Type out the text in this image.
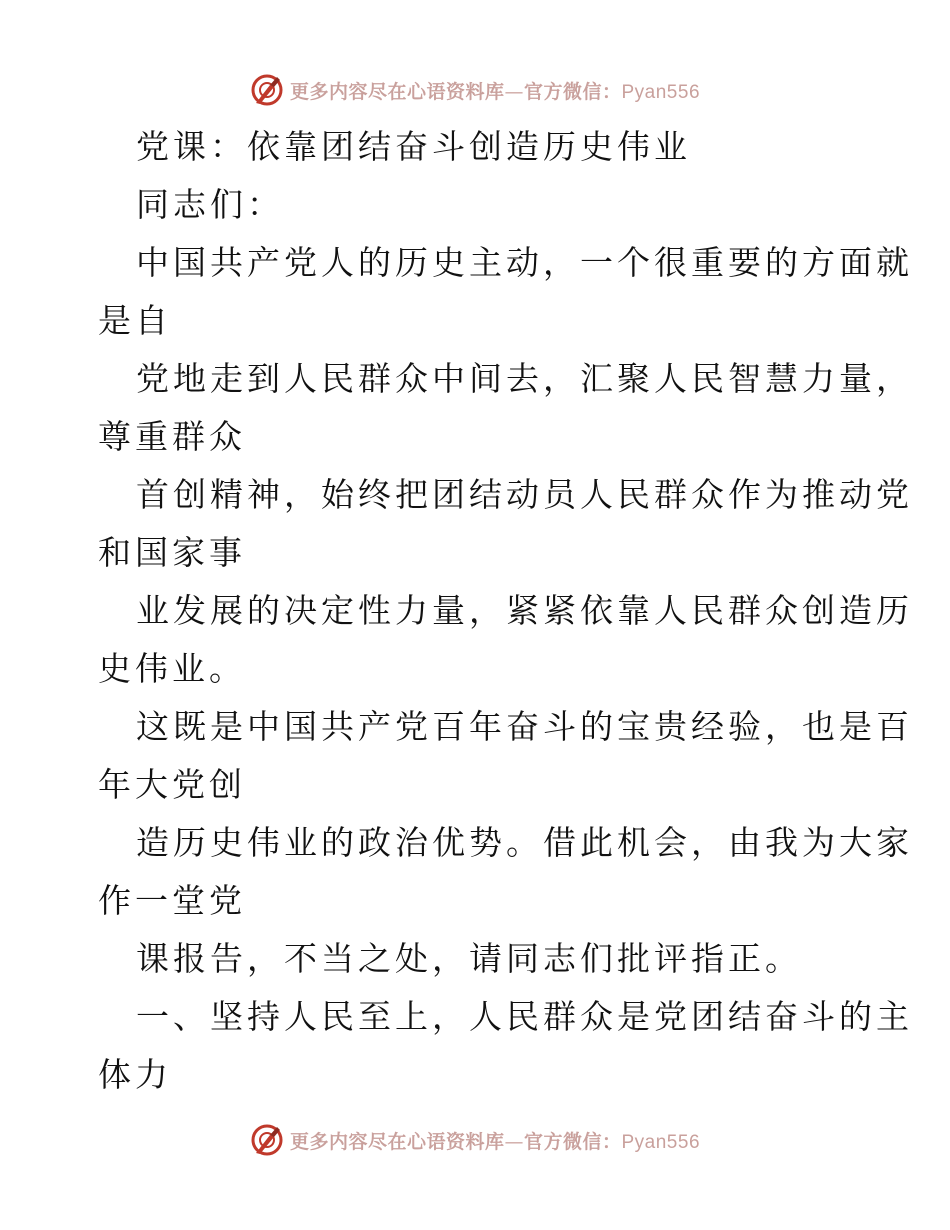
更多内容尽在心语资料库—官方微信：Pyan556
党课：依靠团结奋斗创造历史伟业
同志们：
中国共产党人的历史主动，一个很重要的方面就
是自
党地走到人民群众中间去，汇聚人民智慧力量，
尊重群众
首创精神，始终把团结动员人民群众作为推动党
和国家事
业发展的决定性力量，紧紧依靠人民群众创造历
史伟业。
这既是中国共产党百年奋斗的宝贵经验，也是百
年大党创
造历史伟业的政治优势。借此机会，由我为大家
作一堂党
课报告，不当之处，请同志们批评指正。
一、坚持人民至上，人民群众是党团结奋斗的主
体力
更多内容尽在心语资料库—官方微信：Pyan556
